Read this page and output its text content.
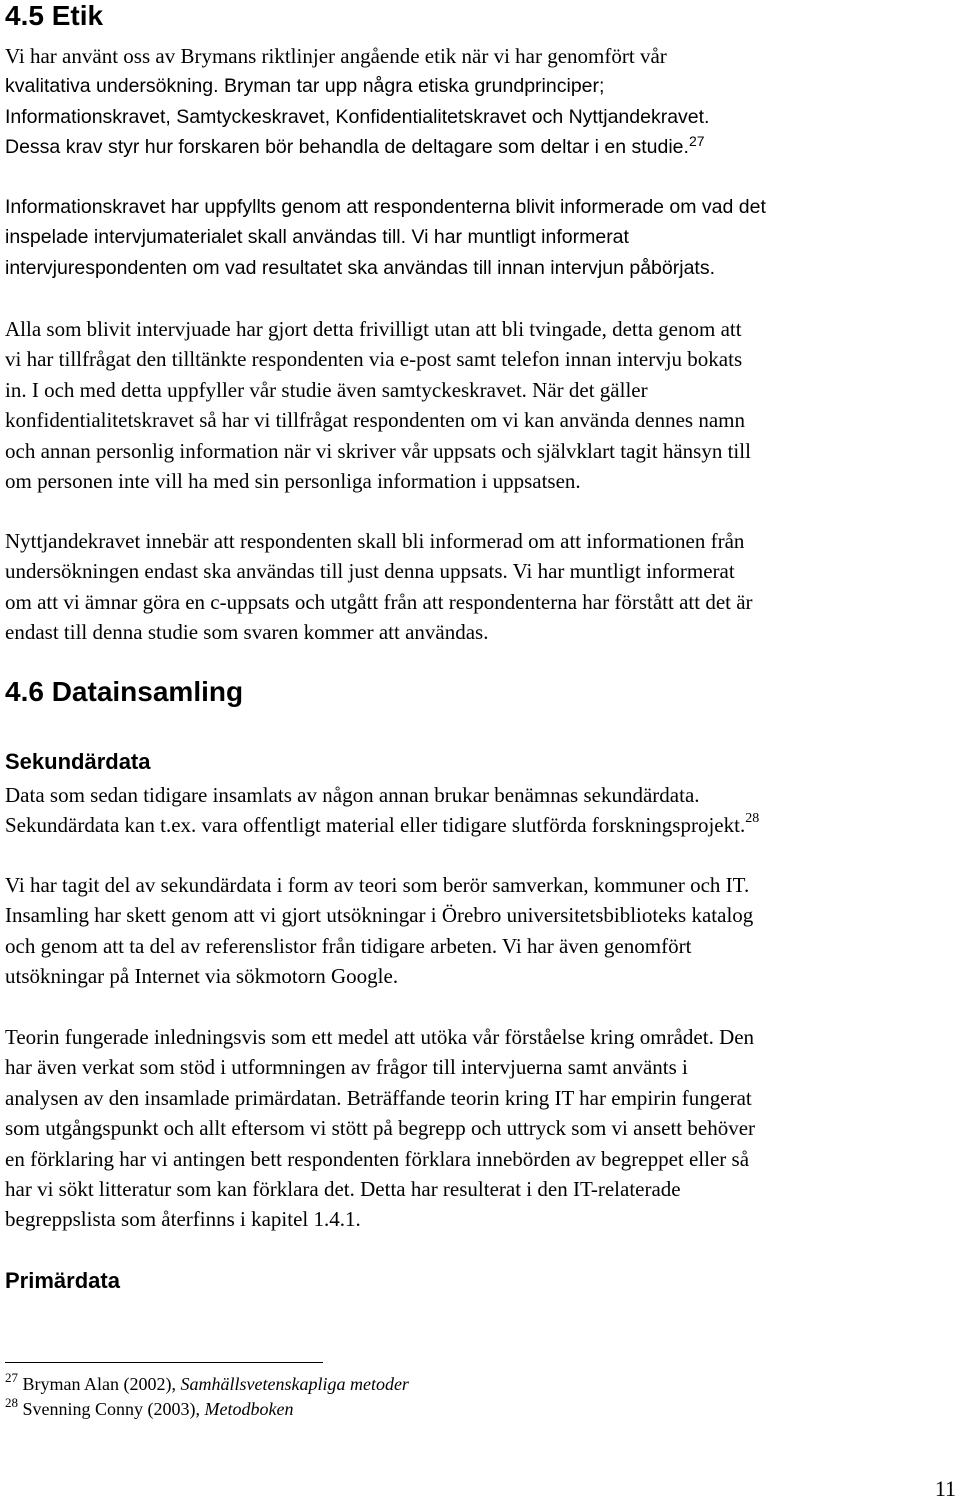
4.5 Etik

Vi har använt oss av Brymans riktlinjer angående etik när vi har genomfört vår
kvalitativa undersökning. Bryman tar upp några etiska grundprinciper;
Informationskravet, Samtyckeskravet, Konfidentialitetskravet och Nyttjandekravet.
Dessa krav styr hur forskaren bör behandla de deltagare som deltar i en studie.$^{27}$

Informationskravet har uppfyllts genom att respondenterna blivit informerade om vad det
inspelade intervjumaterialet skall användas till. Vi har muntligt informerat
intervjurespondenten om vad resultatet ska användas till innan intervjun påbörjats.

Alla som blivit intervjuade har gjort detta frivilligt utan att bli tvingade, detta genom att
vi har tillfrågat den tilltänkte respondenten via e-post samt telefon innan intervju bokats
in. I och med detta uppfyller vår studie även samtyckeskravet. När det gäller
konfidentialitetskravet så har vi tillfrågat respondenten om vi kan använda dennes namn
och annan personlig information när vi skriver vår uppsats och självklart tagit hänsyn till
om personen inte vill ha med sin personliga information i uppsatsen.

Nyttjandekravet innebär att respondenten skall bli informerad om att informationen från
undersökningen endast ska användas till just denna uppsats. Vi har muntligt informerat
om att vi ämnar göra en c-uppsats och utgått från att respondenterna har förstått att det är
endast till denna studie som svaren kommer att användas.

4.6 Datainsamling
Sekundärdata

Data som sedan tidigare insamlats av någon annan brukar benämnas sekundärdata.
Sekundärdata kan t.ex. vara offentligt material eller tidigare slutförda forskningsprojekt.$^{28}$

Vi har tagit del av sekundärdata i form av teori som berör samverkan, kommuner och IT.
Insamling har skett genom att vi gjort utsökningar i Örebro universitetsbiblioteks katalog
och genom att ta del av referenslistor från tidigare arbeten. Vi har även genomfört
utsökningar på Internet via sökmotorn Google.

Teorin fungerade inledningsvis som ett medel att utöka vår förståelse kring området. Den
har även verkat som stöd i utformningen av frågor till intervjuerna samt använts i
analysen av den insamlade primärdatan. Beträffande teorin kring IT har empirin fungerat
som utgångspunkt och allt eftersom vi stött på begrepp och uttryck som vi ansett behöver
en förklaring har vi antingen bett respondenten förklara innebörden av begreppet eller så
har vi sökt litteratur som kan förklara det. Detta har resulterat i den IT-relaterade
begreppslista som återfinns i kapitel 1.4.1.

Primärdata
$^{27}$ Bryman Alan (2002), Samhällsvetenskapliga metoder
$^{28}$ Svenning Conny (2003), Metodboken
11
